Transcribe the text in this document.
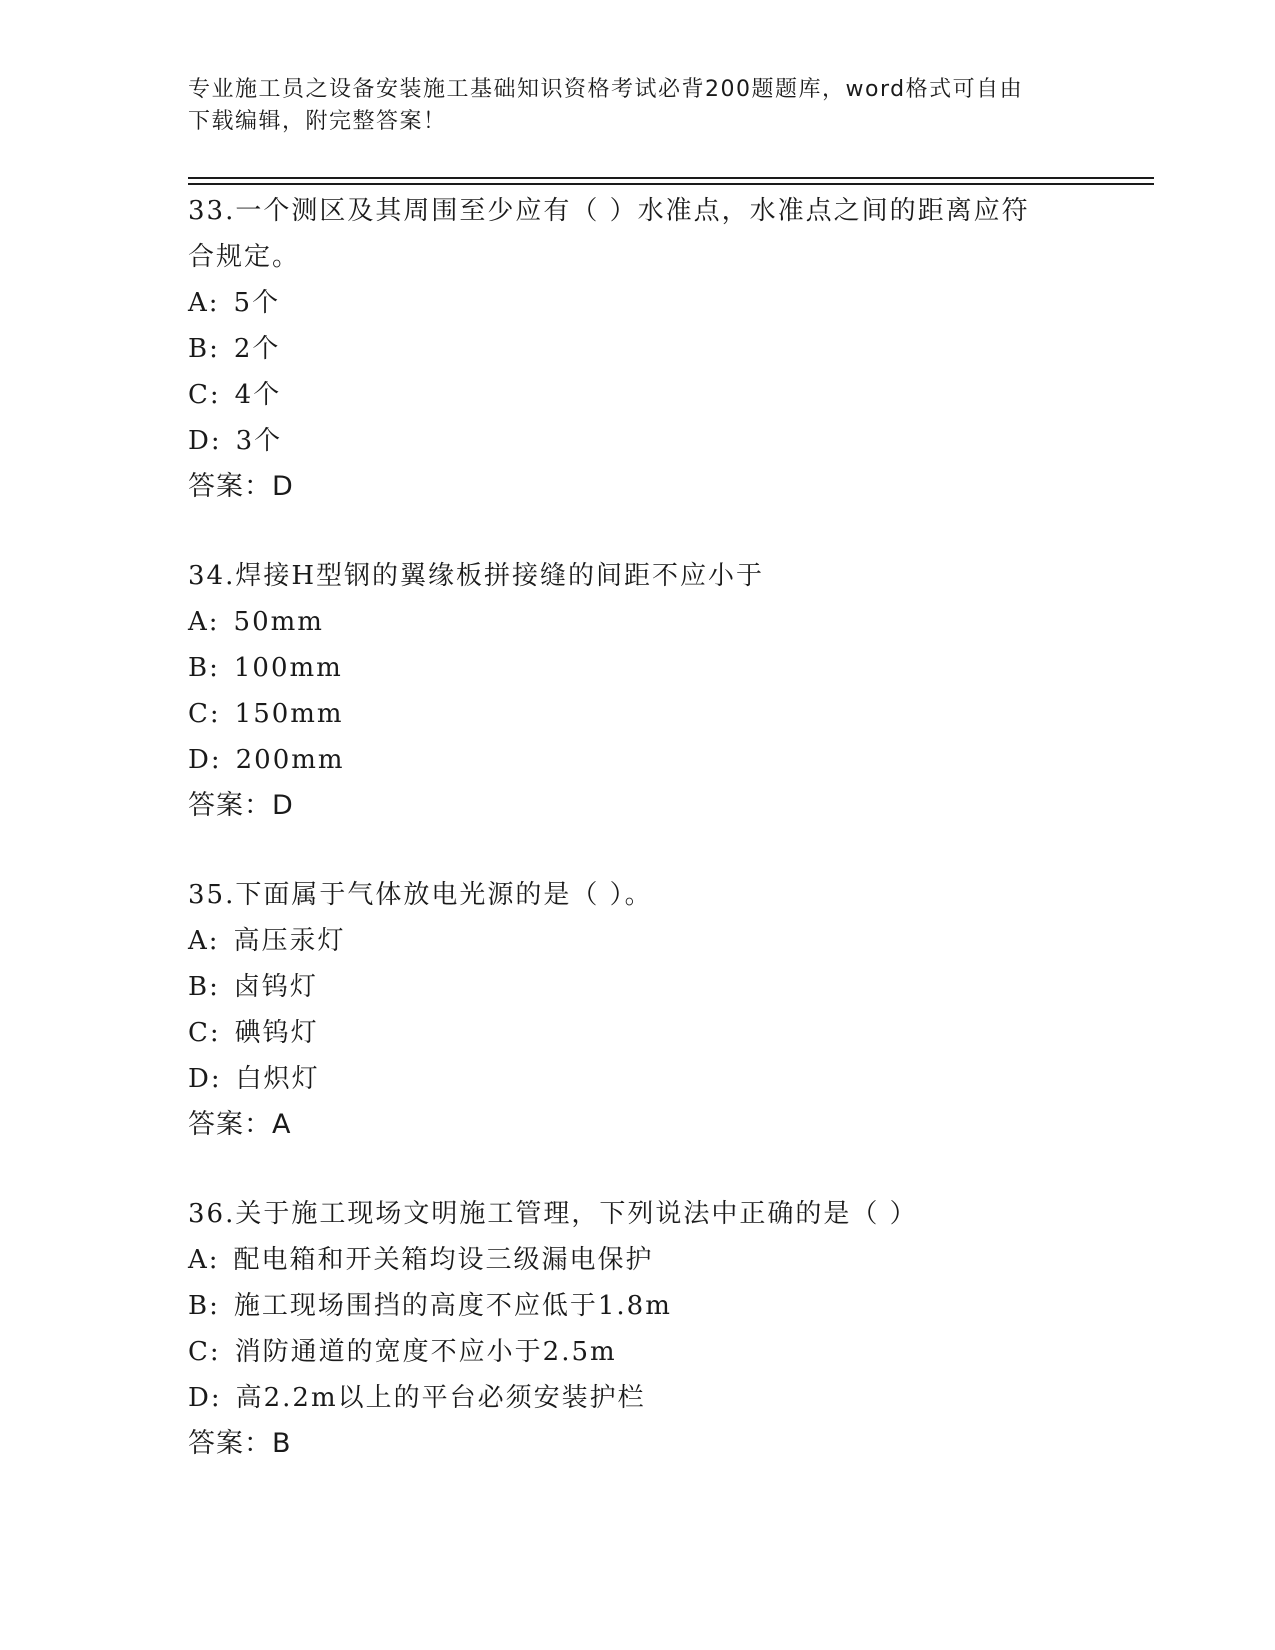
专业施工员之设备安装施工基础知识资格考试必背200题题库，word格式可自由
下载编辑，附完整答案！
33.一个测区及其周围至少应有（ ）水准点，水准点之间的距离应符
合规定。
A: 5个
B: 2个
C: 4个
D: 3个
答案：D
34.焊接H型钢的翼缘板拼接缝的间距不应小于
A: 50mm
B: 100mm
C: 150mm
D: 200mm
答案：D
35.下面属于气体放电光源的是（ ）。
A: 高压汞灯
B: 卤钨灯
C: 碘钨灯
D: 白炽灯
答案：A
36.关于施工现场文明施工管理，下列说法中正确的是（ ）
A: 配电箱和开关箱均设三级漏电保护
B: 施工现场围挡的高度不应低于1.8m
C: 消防通道的宽度不应小于2.5m
D: 高2.2m以上的平台必须安装护栏
答案：B
